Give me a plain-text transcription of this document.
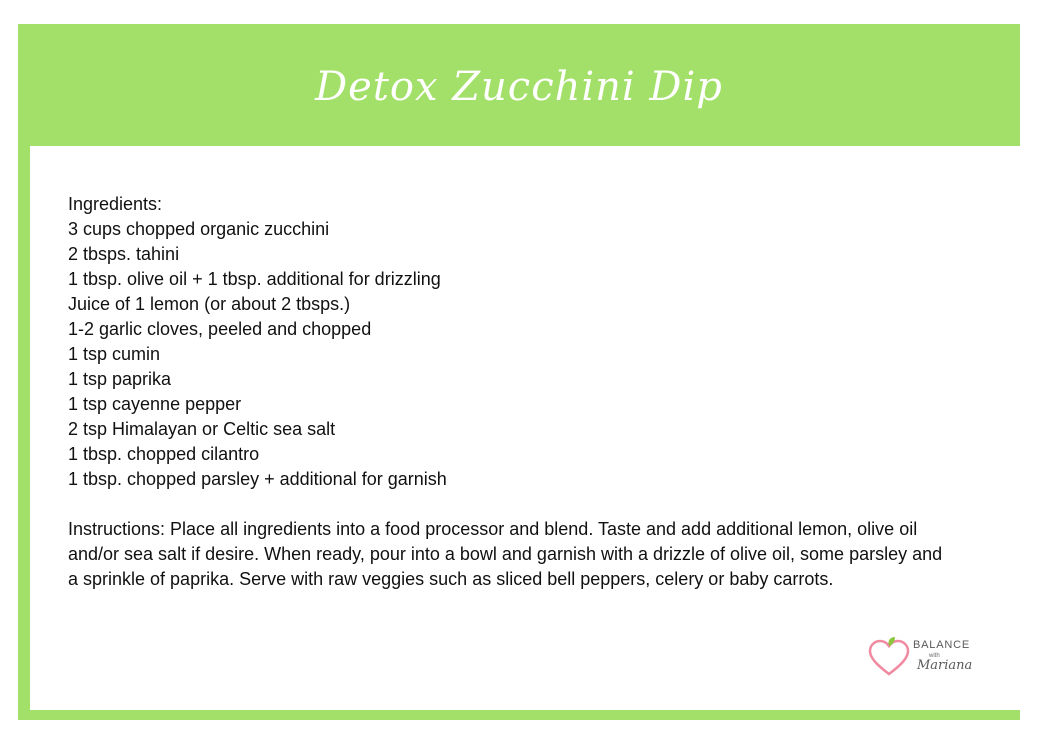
Detox Zucchini Dip
Ingredients:
3 cups chopped organic zucchini
2 tbsps. tahini
1 tbsp. olive oil + 1 tbsp. additional for drizzling
Juice of 1 lemon (or about 2 tbsps.)
1-2 garlic cloves, peeled and chopped
1 tsp cumin
1 tsp paprika
1 tsp cayenne pepper
2 tsp Himalayan or Celtic sea salt
1 tbsp. chopped cilantro
1 tbsp. chopped parsley + additional for garnish
Instructions: Place all ingredients into a food processor and blend. Taste and add additional lemon, olive oil and/or sea salt if desire. When ready, pour into a bowl and garnish with a drizzle of olive oil, some parsley and a sprinkle of paprika. Serve with raw veggies such as sliced bell peppers, celery or baby carrots.
BALANCE
with
Mariana
